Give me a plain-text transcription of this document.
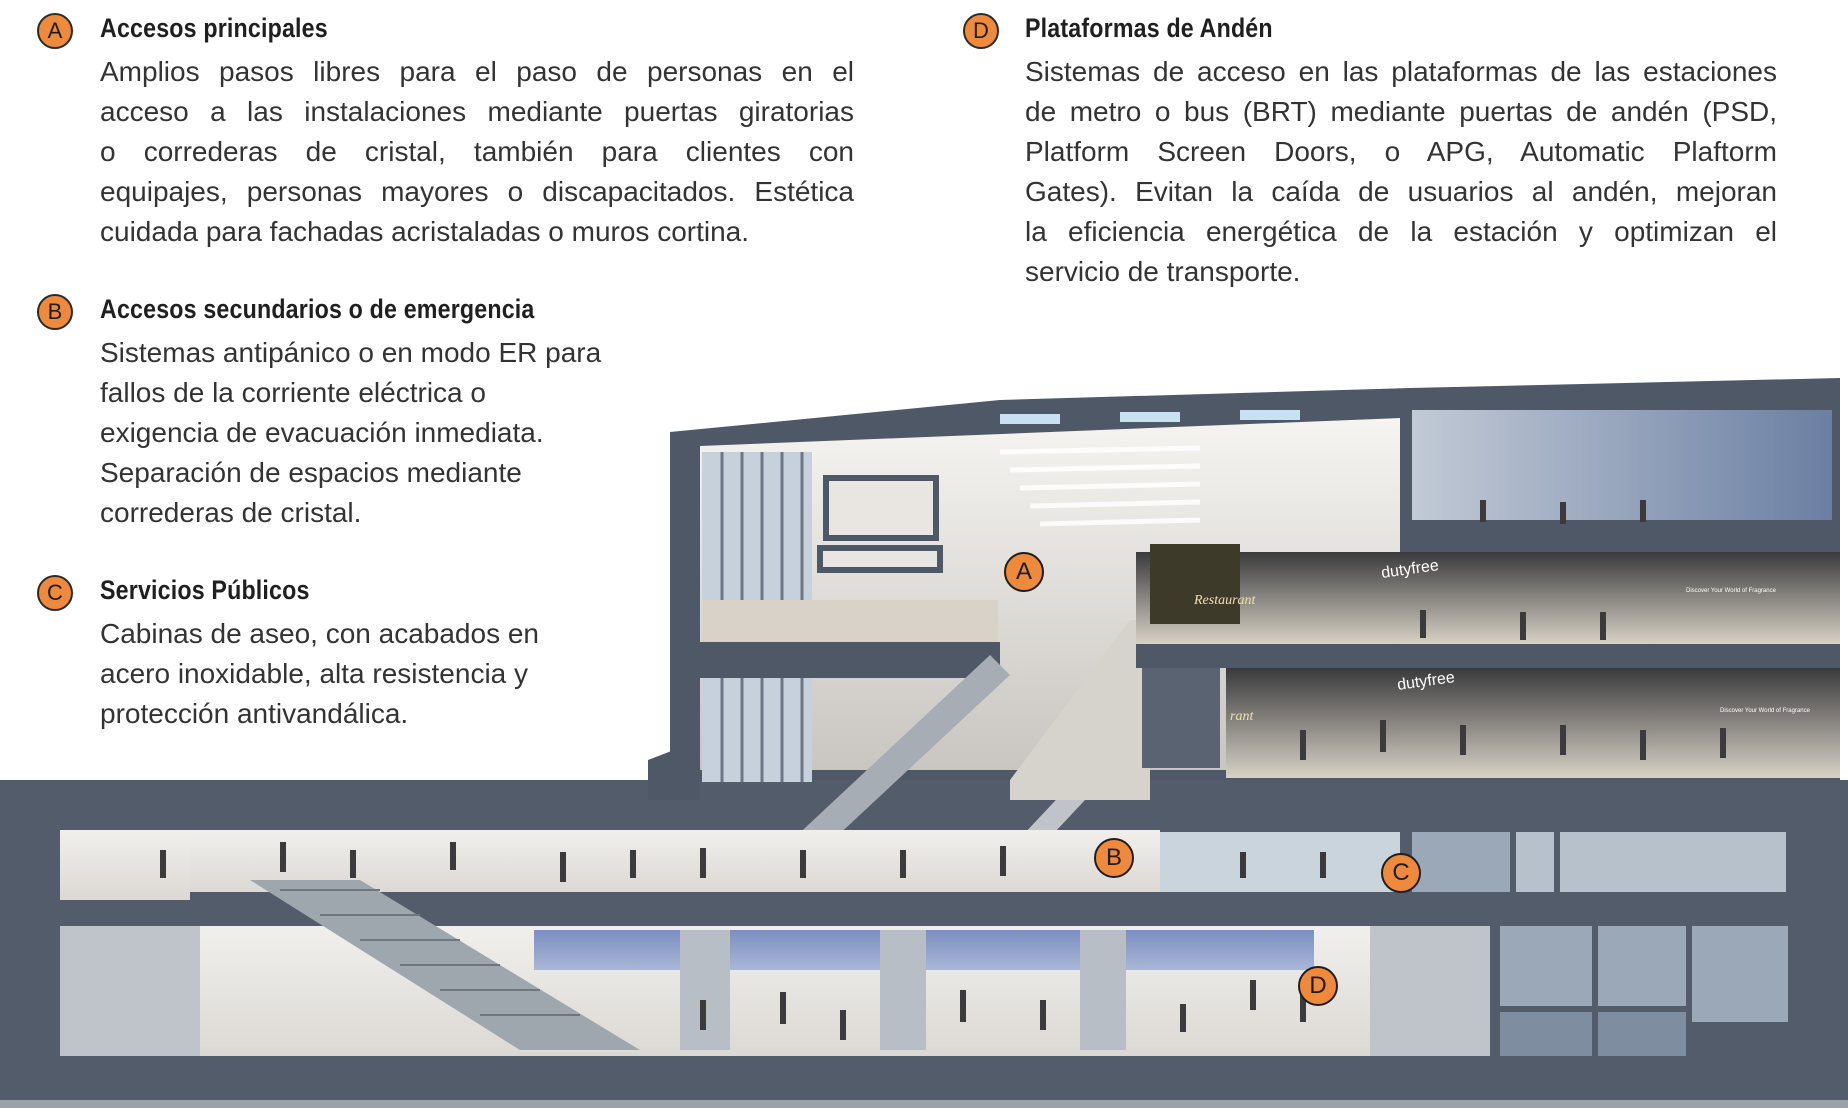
A	Accesos principales
Amplios pasos libres para el paso de personas en el
acceso a las instalaciones mediante puertas giratorias
o correderas de cristal, también para clientes con
equipajes, personas mayores o discapacitados. Estética
cuidada para fachadas acristaladas o muros cortina.
B	Accesos secundarios o de emergencia
Sistemas antipánico o en modo ER para
fallos de la corriente eléctrica o
exigencia de evacuación inmediata.
Separación de espacios mediante
correderas de cristal.
C	Servicios Públicos
Cabinas de aseo, con acabados en
acero inoxidable, alta resistencia y
protección antivandálica.
D	Plataformas de Andén
Sistemas de acceso en las plataformas de las estaciones
de metro o bus (BRT) mediante puertas de andén (PSD,
Platform Screen Doors, o APG, Automatic Plaftorm
Gates). Evitan la caída de usuarios al andén, mejoran
la eficiencia energética de la estación y optimizan el
servicio de transporte.
dutyfree
dutyfree
Restaurant
rant
Discover Your World of Fragrance
Discover Your World of Fragrance
A
B
C
D
